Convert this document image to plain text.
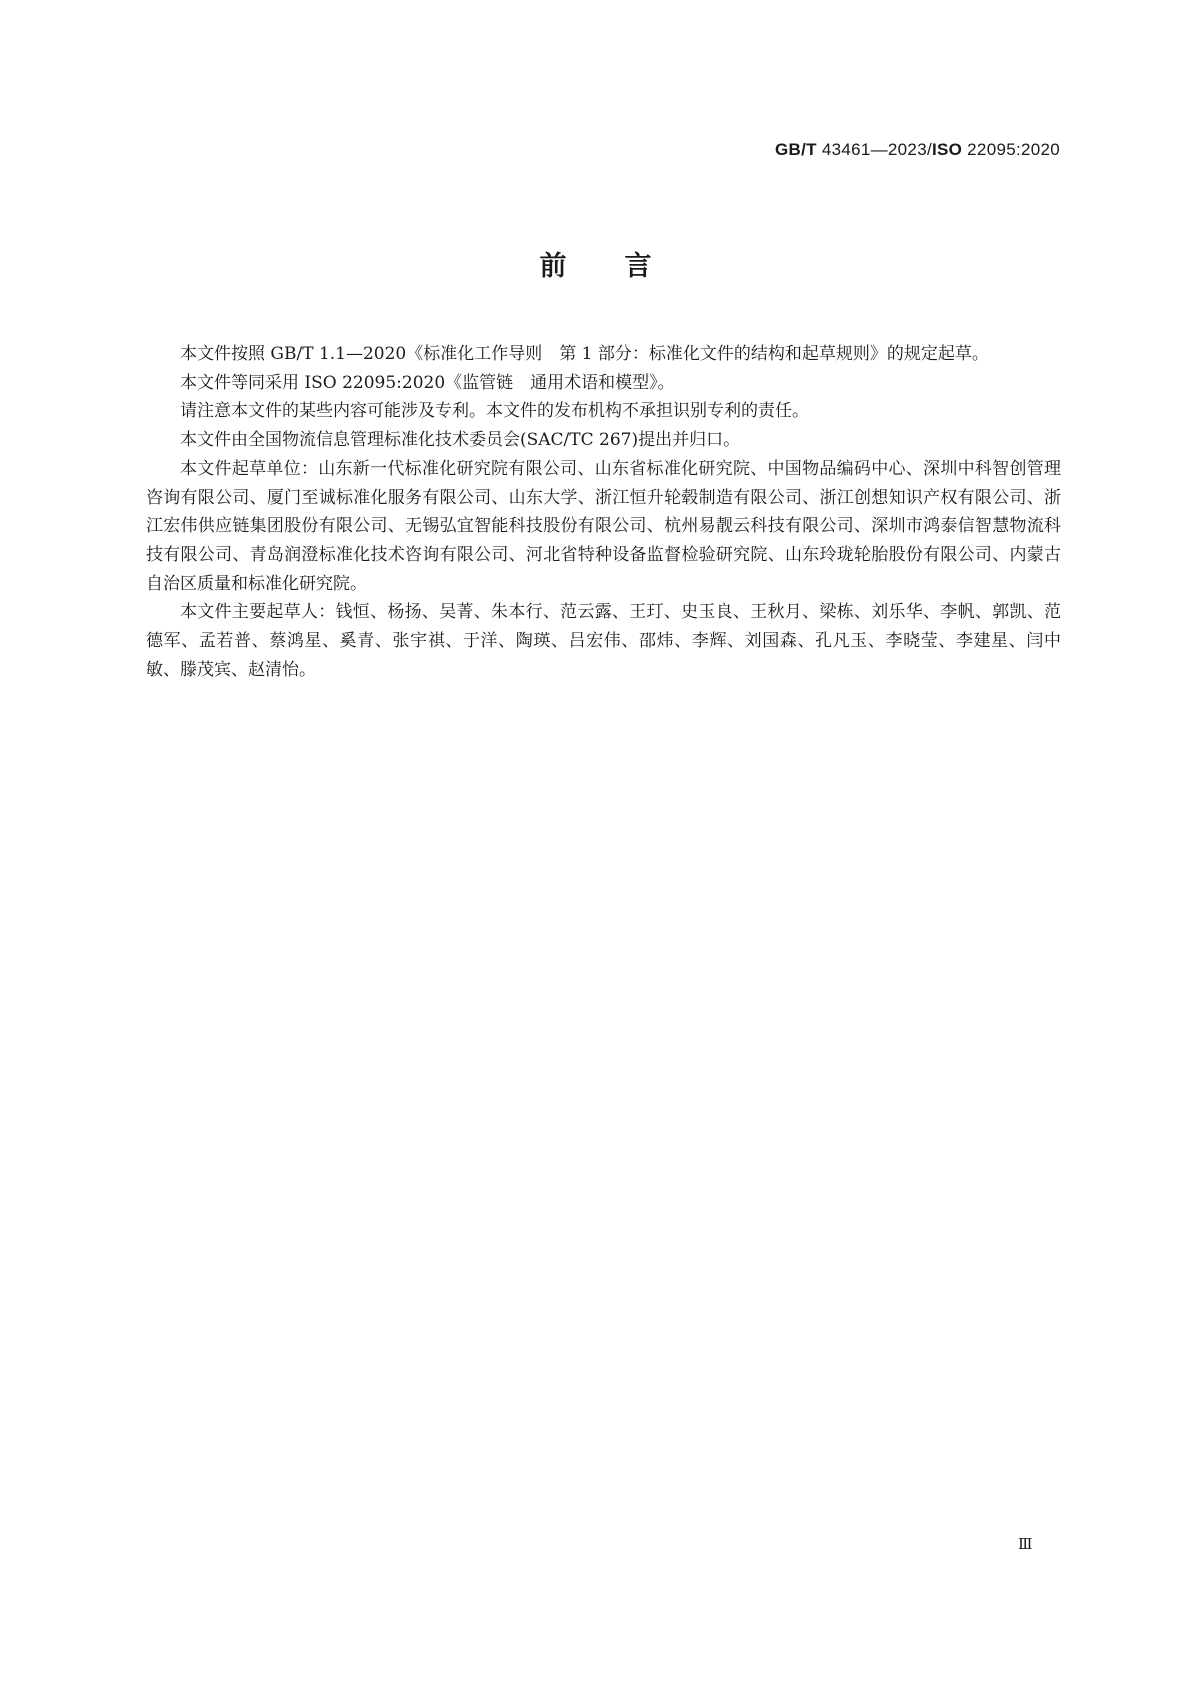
GB/T 43461—2023/ISO 22095:2020
前言

本文件按照 GB/T 1.1—2020《标准化工作导则　第 1 部分：标准化文件的结构和起草规则》的规定起草。

本文件等同采用 ISO 22095:2020《监管链　通用术语和模型》。

请注意本文件的某些内容可能涉及专利。本文件的发布机构不承担识别专利的责任。

本文件由全国物流信息管理标准化技术委员会(SAC/TC 267)提出并归口。

本文件起草单位：山东新一代标准化研究院有限公司、山东省标准化研究院、中国物品编码中心、深圳中科智创管理咨询有限公司、厦门至诚标准化服务有限公司、山东大学、浙江恒升轮毂制造有限公司、浙江创想知识产权有限公司、浙江宏伟供应链集团股份有限公司、无锡弘宜智能科技股份有限公司、杭州易靓云科技有限公司、深圳市鸿泰信智慧物流科技有限公司、青岛润澄标准化技术咨询有限公司、河北省特种设备监督检验研究院、山东玲珑轮胎股份有限公司、内蒙古自治区质量和标准化研究院。

本文件主要起草人：钱恒、杨扬、吴菁、朱本行、范云露、王玎、史玉良、王秋月、梁栋、刘乐华、李帆、郭凯、范德军、孟若普、蔡鸿星、奚青、张宇祺、于洋、陶瑛、吕宏伟、邵炜、李辉、刘国森、孔凡玉、李晓莹、李建星、闫中敏、滕茂宾、赵清怡。

Ⅲ
